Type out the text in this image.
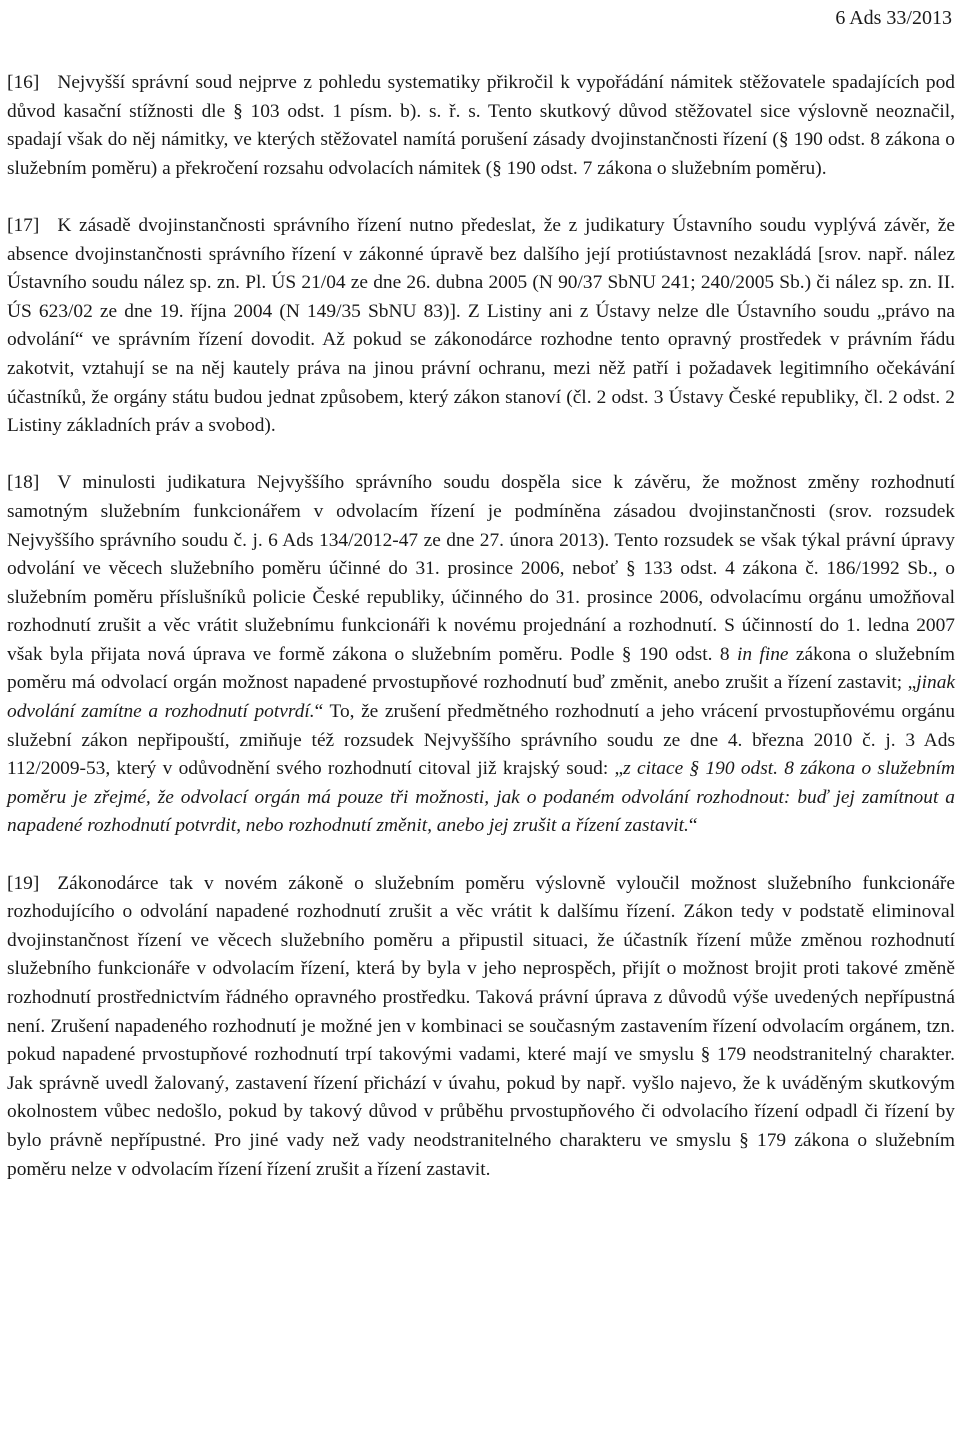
6 Ads 33/2013

[16] Nejvyšší správní soud nejprve z pohledu systematiky přikročil k vypořádání námitek stěžovatele spadajících pod důvod kasační stížnosti dle § 103 odst. 1 písm. b). s. ř. s. Tento skutkový důvod stěžovatel sice výslovně neoznačil, spadají však do něj námitky, ve kterých stěžovatel namítá porušení zásady dvojinstančnosti řízení (§ 190 odst. 8 zákona o služebním poměru) a překročení rozsahu odvolacích námitek (§ 190 odst. 7 zákona o služebním poměru).

[17] K zásadě dvojinstančnosti správního řízení nutno předeslat, že z judikatury Ústavního soudu vyplývá závěr, že absence dvojinstančnosti správního řízení v zákonné úpravě bez dalšího její protiústavnost nezakládá [srov. např. nález Ústavního soudu nález sp. zn. Pl. ÚS 21/04 ze dne 26. dubna 2005 (N 90/37 SbNU 241; 240/2005 Sb.) či nález sp. zn. II. ÚS 623/02 ze dne 19. října 2004 (N 149/35 SbNU 83)]. Z Listiny ani z Ústavy nelze dle Ústavního soudu „právo na odvolání“ ve správním řízení dovodit. Až pokud se zákonodárce rozhodne tento opravný prostředek v právním řádu zakotvit, vztahují se na něj kautely práva na jinou právní ochranu, mezi něž patří i požadavek legitimního očekávání účastníků, že orgány státu budou jednat způsobem, který zákon stanoví (čl. 2 odst. 3 Ústavy České republiky, čl. 2 odst. 2 Listiny základních práv a svobod).

[18] V minulosti judikatura Nejvyššího správního soudu dospěla sice k závěru, že možnost změny rozhodnutí samotným služebním funkcionářem v odvolacím řízení je podmíněna zásadou dvojinstančnosti (srov. rozsudek Nejvyššího správního soudu č. j. 6 Ads 134/2012-47 ze dne 27. února 2013). Tento rozsudek se však týkal právní úpravy odvolání ve věcech služebního poměru účinné do 31. prosince 2006, neboť § 133 odst. 4 zákona č. 186/1992 Sb., o služebním poměru příslušníků policie České republiky, účinného do 31. prosince 2006, odvolacímu orgánu umožňoval rozhodnutí zrušit a věc vrátit služebnímu funkcionáři k novému projednání a rozhodnutí. S účinností do 1. ledna 2007 však byla přijata nová úprava ve formě zákona o služebním poměru. Podle § 190 odst. 8 in fine zákona o služebním poměru má odvolací orgán možnost napadené prvostupňové rozhodnutí buď změnit, anebo zrušit a řízení zastavit; „jinak odvolání zamítne a rozhodnutí potvrdí.“ To, že zrušení předmětného rozhodnutí a jeho vrácení prvostupňovému orgánu služební zákon nepřipouští, zmiňuje též rozsudek Nejvyššího správního soudu ze dne 4. března 2010 č. j. 3 Ads 112/2009-53, který v odůvodnění svého rozhodnutí citoval již krajský soud: „z citace § 190 odst. 8 zákona o služebním poměru je zřejmé, že odvolací orgán má pouze tři možnosti, jak o podaném odvolání rozhodnout: buď jej zamítnout a napadené rozhodnutí potvrdit, nebo rozhodnutí změnit, anebo jej zrušit a řízení zastavit.“

[19] Zákonodárce tak v novém zákoně o služebním poměru výslovně vyloučil možnost služebního funkcionáře rozhodujícího o odvolání napadené rozhodnutí zrušit a věc vrátit k dalšímu řízení. Zákon tedy v podstatě eliminoval dvojinstančnost řízení ve věcech služebního poměru a připustil situaci, že účastník řízení může změnou rozhodnutí služebního funkcionáře v odvolacím řízení, která by byla v jeho neprospěch, přijít o možnost brojit proti takové změně rozhodnutí prostřednictvím řádného opravného prostředku. Taková právní úprava z důvodů výše uvedených nepřípustná není. Zrušení napadeného rozhodnutí je možné jen v kombinaci se současným zastavením řízení odvolacím orgánem, tzn. pokud napadené prvostupňové rozhodnutí trpí takovými vadami, které mají ve smyslu § 179 neodstranitelný charakter. Jak správně uvedl žalovaný, zastavení řízení přichází v úvahu, pokud by např. vyšlo najevo, že k uváděným skutkovým okolnostem vůbec nedošlo, pokud by takový důvod v průběhu prvostupňového či odvolacího řízení odpadl či řízení by bylo právně nepřípustné. Pro jiné vady než vady neodstranitelného charakteru ve smyslu § 179 zákona o služebním poměru nelze v odvolacím řízení řízení zrušit a řízení zastavit.
